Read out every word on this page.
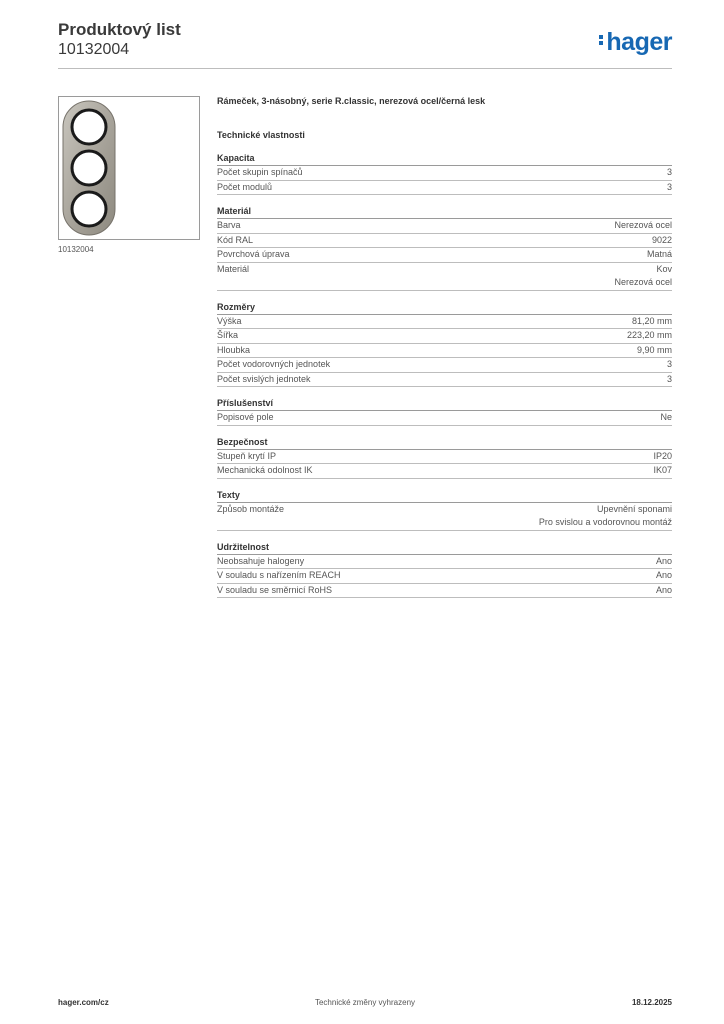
Produktový list
10132004	hager
10132004
Rámeček, 3-násobný, serie R.classic, nerezová ocel/černá lesk
Technické vlastnosti
Kapacita
Počet skupin spínačů	3
Počet modulů	3
Materiál
Barva	Nerezová ocel
Kód RAL	9022
Povrchová úprava	Matná
Materiál	Kov
Nerezová ocel
Rozměry
Výška	81,20 mm
Šířka	223,20 mm
Hloubka	9,90 mm
Počet vodorovných jednotek	3
Počet svislých jednotek	3
Příslušenství
Popisové pole	Ne
Bezpečnost
Stupeň krytí IP	IP20
Mechanická odolnost IK	IK07
Texty
Způsob montáže	Upevnění sponami
Pro svislou a vodorovnou montáž
Udržitelnost
Neobsahuje halogeny	Ano
V souladu s nařízením REACH	Ano
V souladu se směrnicí RoHS	Ano
hager.com/cz	Technické změny vyhrazeny	18.12.2025
